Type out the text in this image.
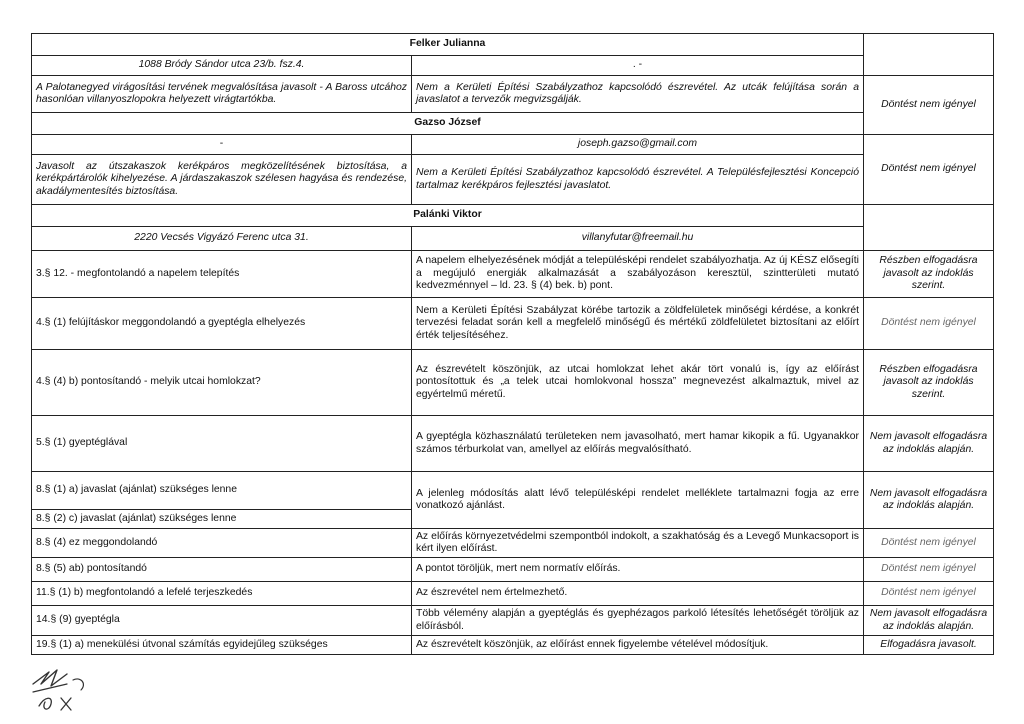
Felker Julianna		
1088 Bródy Sándor utca 23/b. fsz.4.	. -	
A Palotanegyed virágosítási tervének megvalósítása javasolt - A Baross utcához hasonlóan villanyoszlopokra helyezett virágtartókba.	Nem a Kerületi Építési Szabályzathoz kapcsolódó észrevétel. Az utcák felújítása során a javaslatot a tervezők megvizsgálják.	Döntést nem igényel
Gazso József		
-	joseph.gazso@gmail.com	Döntést nem igényel
Javasolt az útszakaszok kerékpáros megközelítésének biztosítása, a kerékpártárolók kihelyezése. A járdaszakaszok szélesen hagyása és rendezése, akadálymentesítés biztosítása.	Nem a Kerületi Építési Szabályzathoz kapcsolódó észrevétel. A Településfejlesztési Koncepció tartalmaz kerékpáros fejlesztési javaslatot.	
Palánki Viktor		
2220 Vecsés Vigyázó Ferenc utca 31.	villanyfutar@freemail.hu	
3.§ 12. - megfontolandó a napelem telepítés	A napelem elhelyezésének módját a településképi rendelet szabályozhatja. Az új KÉSZ elősegíti a megújuló energiák alkalmazását a szabályozáson keresztül, szintterületi mutató kedvezménnyel – ld. 23. § (4) bek. b) pont.	Részben elfogadásra javasolt az indoklás szerint.
4.§ (1) felújításkor meggondolandó a gyeptégla elhelyezés	Nem a Kerületi Építési Szabályzat körébe tartozik a zöldfelületek minőségi kérdése, a konkrét tervezési feladat során kell a megfelelő minőségű és mértékű zöldfelületet biztosítani az előírt érték teljesítéséhez.	Döntést nem igényel
4.§ (4) b) pontosítandó - melyik utcai homlokzat?	Az észrevételt köszönjük, az utcai homlokzat lehet akár tört vonalú is, így az előírást pontosítottuk és „a telek utcai homlokvonal hossza” megnevezést alkalmaztuk, mivel az egyértelmű méretű.	Részben elfogadásra javasolt az indoklás szerint.
5.§ (1) gyeptéglával	A gyeptégla közhasználatú területeken nem javasolható, mert hamar kikopik a fű. Ugyanakkor számos térburkolat van, amellyel az előírás megvalósítható.	Nem javasolt elfogadásra az indoklás alapján.
8.§ (1) a) javaslat (ajánlat) szükséges lenne	A jelenleg módosítás alatt lévő településképi rendelet melléklete tartalmazni fogja az erre vonatkozó ajánlást.	Nem javasolt elfogadásra az indoklás alapján.
8.§ (2) c) javaslat (ajánlat) szükséges lenne		
8.§ (4) ez meggondolandó	Az előírás környezetvédelmi szempontból indokolt, a szakhatóság és a Levegő Munkacsoport is kért ilyen előírást.	Döntést nem igényel
8.§ (5) ab) pontosítandó	A pontot töröljük, mert nem normatív előírás.	Döntést nem igényel
11.§ (1) b) megfontolandó a lefelé terjeszkedés	Az észrevétel nem értelmezhető.	Döntést nem igényel
14.§ (9) gyeptégla	Több vélemény alapján a gyeptéglás és gyephézagos parkoló létesítés lehetőségét töröljük az előírásból.	Nem javasolt elfogadásra az indoklás alapján.
19.§ (1) a) menekülési útvonal számítás egyidejűleg szükséges	Az észrevételt köszönjük, az előírást ennek figyelembe vételével módosítjuk.	Elfogadásra javasolt.
